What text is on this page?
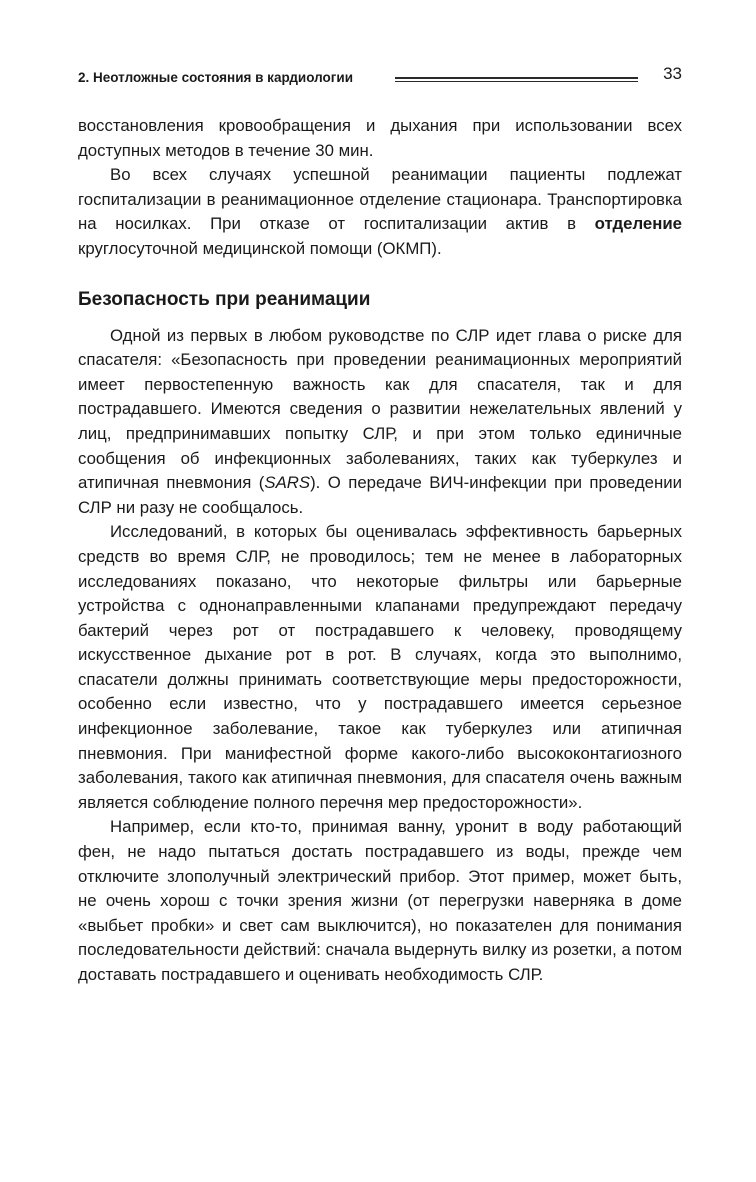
2. Неотложные состояния в кардиологии	33

восстановления кровообращения и дыхания при использовании всех доступных методов в течение 30 мин.

Во всех случаях успешной реанимации пациенты подлежат госпитализации в реанимационное отделение стационара. Транспортировка на носилках. При отказе от госпитализации актив в отделение круглосуточной медицинской помощи (ОКМП).

Безопасность при реанимации

Одной из первых в любом руководстве по СЛР идет глава о риске для спасателя: «Безопасность при проведении реанимационных мероприятий имеет первостепенную важность как для спасателя, так и для пострадавшего. Имеются сведения о развитии нежелательных явлений у лиц, предпринимавших попытку СЛР, и при этом только единичные сообщения об инфекционных заболеваниях, таких как туберкулез и атипичная пневмония (SARS). О передаче ВИЧ-инфекции при проведении СЛР ни разу не сообщалось.

Исследований, в которых бы оценивалась эффективность барьерных средств во время СЛР, не проводилось; тем не менее в лабораторных исследованиях показано, что некоторые фильтры или барьерные устройства с однонаправленными клапанами предупреждают передачу бактерий через рот от пострадавшего к человеку, проводящему искусственное дыхание рот в рот. В случаях, когда это выполнимо, спасатели должны принимать соответствующие меры предосторожности, особенно если известно, что у пострадавшего имеется серьезное инфекционное заболевание, такое как туберкулез или атипичная пневмония. При манифестной форме какого-либо высококонтагиозного заболевания, такого как атипичная пневмония, для спасателя очень важным является соблюдение полного перечня мер предосторожности».

Например, если кто-то, принимая ванну, уронит в воду работающий фен, не надо пытаться достать пострадавшего из воды, прежде чем отключите злополучный электрический прибор. Этот пример, может быть, не очень хорош с точки зрения жизни (от перегрузки наверняка в доме «выбьет пробки» и свет сам выключится), но показателен для понимания последовательности действий: сначала выдернуть вилку из розетки, а потом доставать пострадавшего и оценивать необходимость СЛР.
